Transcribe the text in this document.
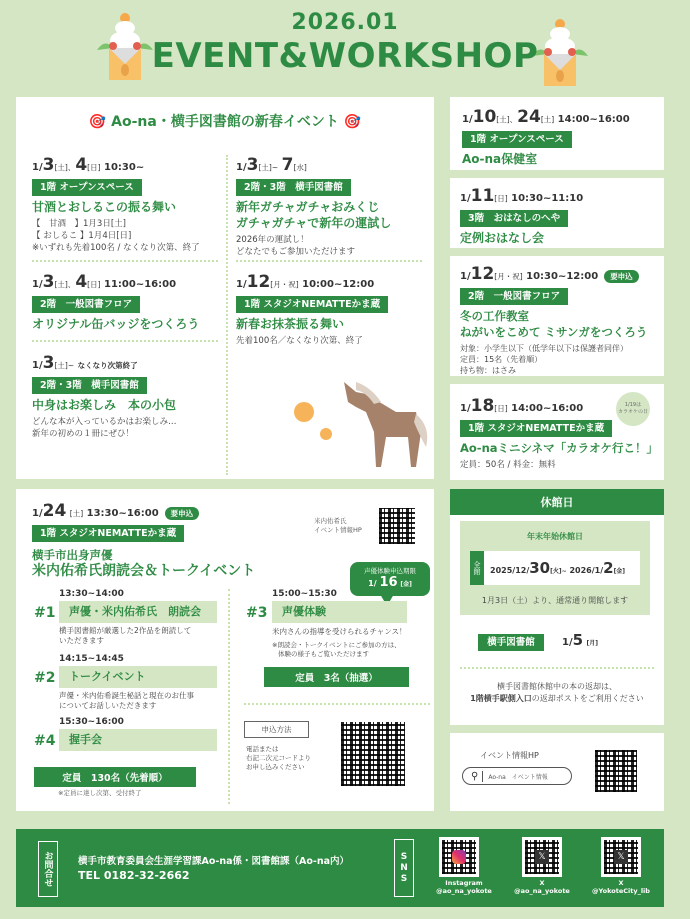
2026.01
EVENT&WORKSHOP
🎯 Ao-na・横手図書館の新春イベント 🎯
1/3[土]、4[日] 10:30~
1階 オープンスペース
甘酒とおしるこの振る舞い
【　甘酒　】1月3日[土]
【 おしるこ 】1月4日[日]
※いずれも先着100名 / なくなり次第、終了
1/3[土]~ 7[水]
2階・3階　横手図書館
新年ガチャガチャおみくじ
ガチャガチャで新年の運試し
2026年の運試し！
どなたでもご参加いただけます
1/3[土]、4[日] 11:00~16:00
2階　一般図書フロア
オリジナル缶バッジをつくろう
1/12[月・祝] 10:00~12:00
1階 スタジオNEMATTEかま蔵
新春お抹茶振る舞い
先着100名／なくなり次第、終了
1/3[土]~ なくなり次第終了
2階・3階　横手図書館
中身はお楽しみ　本の小包
どんな本が入っているかはお楽しみ…
新年の初めの１冊にぜひ！
1/10[土]、24[土] 14:00~16:00
1階 オープンスペース
Ao-na保健室
1/11[日] 10:30~11:10
3階　おはなしのへや
定例おはなし会
1/12[月・祝] 10:30~12:00 要申込
2階　一般図書フロア
冬の工作教室
ねがいをこめて ミサンガをつくろう
対象：小学生以下（低学年以下は保護者同伴）
定員：15名（先着順）
持ち物：はさみ
1/19は
カラオケの日
1/18[日] 14:00~16:00
1階 スタジオNEMATTEかま蔵
Ao-naミニシネマ「カラオケ行こ！」
定員：50名 / 料金：無料
1/24 [土] 13:30~16:00 要申込
1階 スタジオNEMATTEかま蔵
横手市出身声優
米内佑希氏朗読会＆トークイベント
米内佑希氏
イベント情報HP
声優体験申込期限
1/ 16 [金]
13:30~14:00
#1	声優・米内佑希氏　朗読会
横手図書館が厳選した2作品を朗読して
いただきます
14:15~14:45
#2	トークイベント
声優・米内佑希誕生秘話と現在のお仕事
についてお話しいただきます
15:30~16:00
#4	握手会
定員　130名（先着順）
※定員に達し次第、受付終了
15:00~15:30
#3	声優体験
米内さんの指導を受けられるチャンス！
※朗読会・トークイベントにご参加の方は、
体験の様子もご覧いただけます
定員　3名（抽選）
申込方法
電話または
右記二次元コードより
お申し込みください
休館日
年末年始休館日
全館	2025/12/30[火]~ 2026/1/2[金]
1月3日（土）より、通常通り開館します
横手図書館	1/5 [月]
横手図書館休館中の本の返却は、
1階横手駅側入口の返却ポストをご利用ください
イベント情報HP
⚲	Ao-na　イベント情報
お問合せ	横手市教育委員会生涯学習課Ao-na係・図書館課（Ao-na内）
TEL 0182-32-2662
SNS	Instagram
@ao_na_yokote
𝕏
X
@ao_na_yokote
𝕏
X
@YokoteCity_lib
